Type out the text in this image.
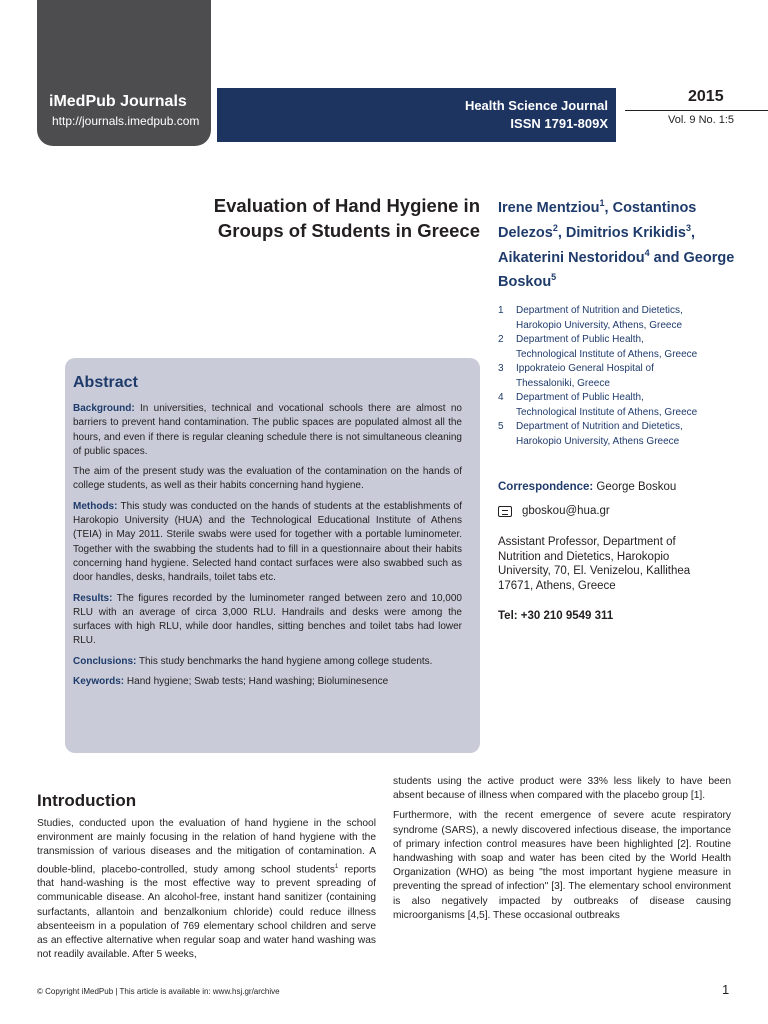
iMedPub Journals
http://journals.imedpub.com
Health Science Journal
ISSN 1791-809X
2015
Vol. 9 No. 1:5
Evaluation of Hand Hygiene in
Groups of Students in Greece
Irene Mentziou$^1$, Costantinos Delezos$^2$, Dimitrios Krikidis$^3$, Aikaterini Nestoridou$^4$ and George Boskou$^5$
1	Department of Nutrition and Dietetics,
Harokopio University, Athens, Greece
2	Department of Public Health,
Technological Institute of Athens, Greece
3	Ippokrateio General Hospital of
Thessaloniki, Greece
4	Department of Public Health,
Technological Institute of Athens, Greece
5	Department of Nutrition and Dietetics,
Harokopio University, Athens Greece
Correspondence: George Boskou
gboskou@hua.gr
Assistant Professor, Department of Nutrition and Dietetics, Harokopio University, 70, El. Venizelou, Kallithea 17671, Athens, Greece
Tel: +30 210 9549 311
Abstract

Background: In universities, technical and vocational schools there are almost no barriers to prevent hand contamination. The public spaces are populated almost all the hours, and even if there is regular cleaning schedule there is not simultaneous cleaning of public spaces.

The aim of the present study was the evaluation of the contamination on the hands of college students, as well as their habits concerning hand hygiene.

Methods: This study was conducted on the hands of students at the establishments of Harokopio University (HUA) and the Technological Educational Institute of Athens (TEIA) in May 2011. Sterile swabs were used for together with a portable luminometer. Together with the swabbing the students had to fill in a questionnaire about their habits concerning hand hygiene. Selected hand contact surfaces were also swabbed such as door handles, desks, handrails, toilet tabs etc.

Results: The figures recorded by the luminometer ranged between zero and 10,000 RLU with an average of circa 3,000 RLU. Handrails and desks were among the surfaces with high RLU, while door handles, sitting benches and toilet tabs had lower RLU.

Conclusions: This study benchmarks the hand hygiene among college students.

Keywords: Hand hygiene; Swab tests; Hand washing; Bioluminesence

Introduction
Studies, conducted upon the evaluation of hand hygiene in the school environment are mainly focusing in the relation of hand hygiene with the transmission of various diseases and the mitigation of contamination. A double-blind, placebo-controlled, study among school students$^1$ reports that hand-washing is the most effective way to prevent spreading of communicable disease. An alcohol-free, instant hand sanitizer (containing surfactants, allantoin and benzalkonium chloride) could reduce illness absenteeism in a population of 769 elementary school children and serve as an effective alternative when regular soap and water hand washing was not readily available. After 5 weeks,

students using the active product were 33% less likely to have been absent because of illness when compared with the placebo group [1].

Furthermore, with the recent emergence of severe acute respiratory syndrome (SARS), a newly discovered infectious disease, the importance of primary infection control measures have been highlighted [2]. Routine handwashing with soap and water has been cited by the World Health Organization (WHO) as being "the most important hygiene measure in preventing the spread of infection" [3]. The elementary school environment is also negatively impacted by outbreaks of disease causing microorganisms [4,5]. These occasional outbreaks

© Copyright iMedPub | This article is available in: www.hsj.gr/archive	1
